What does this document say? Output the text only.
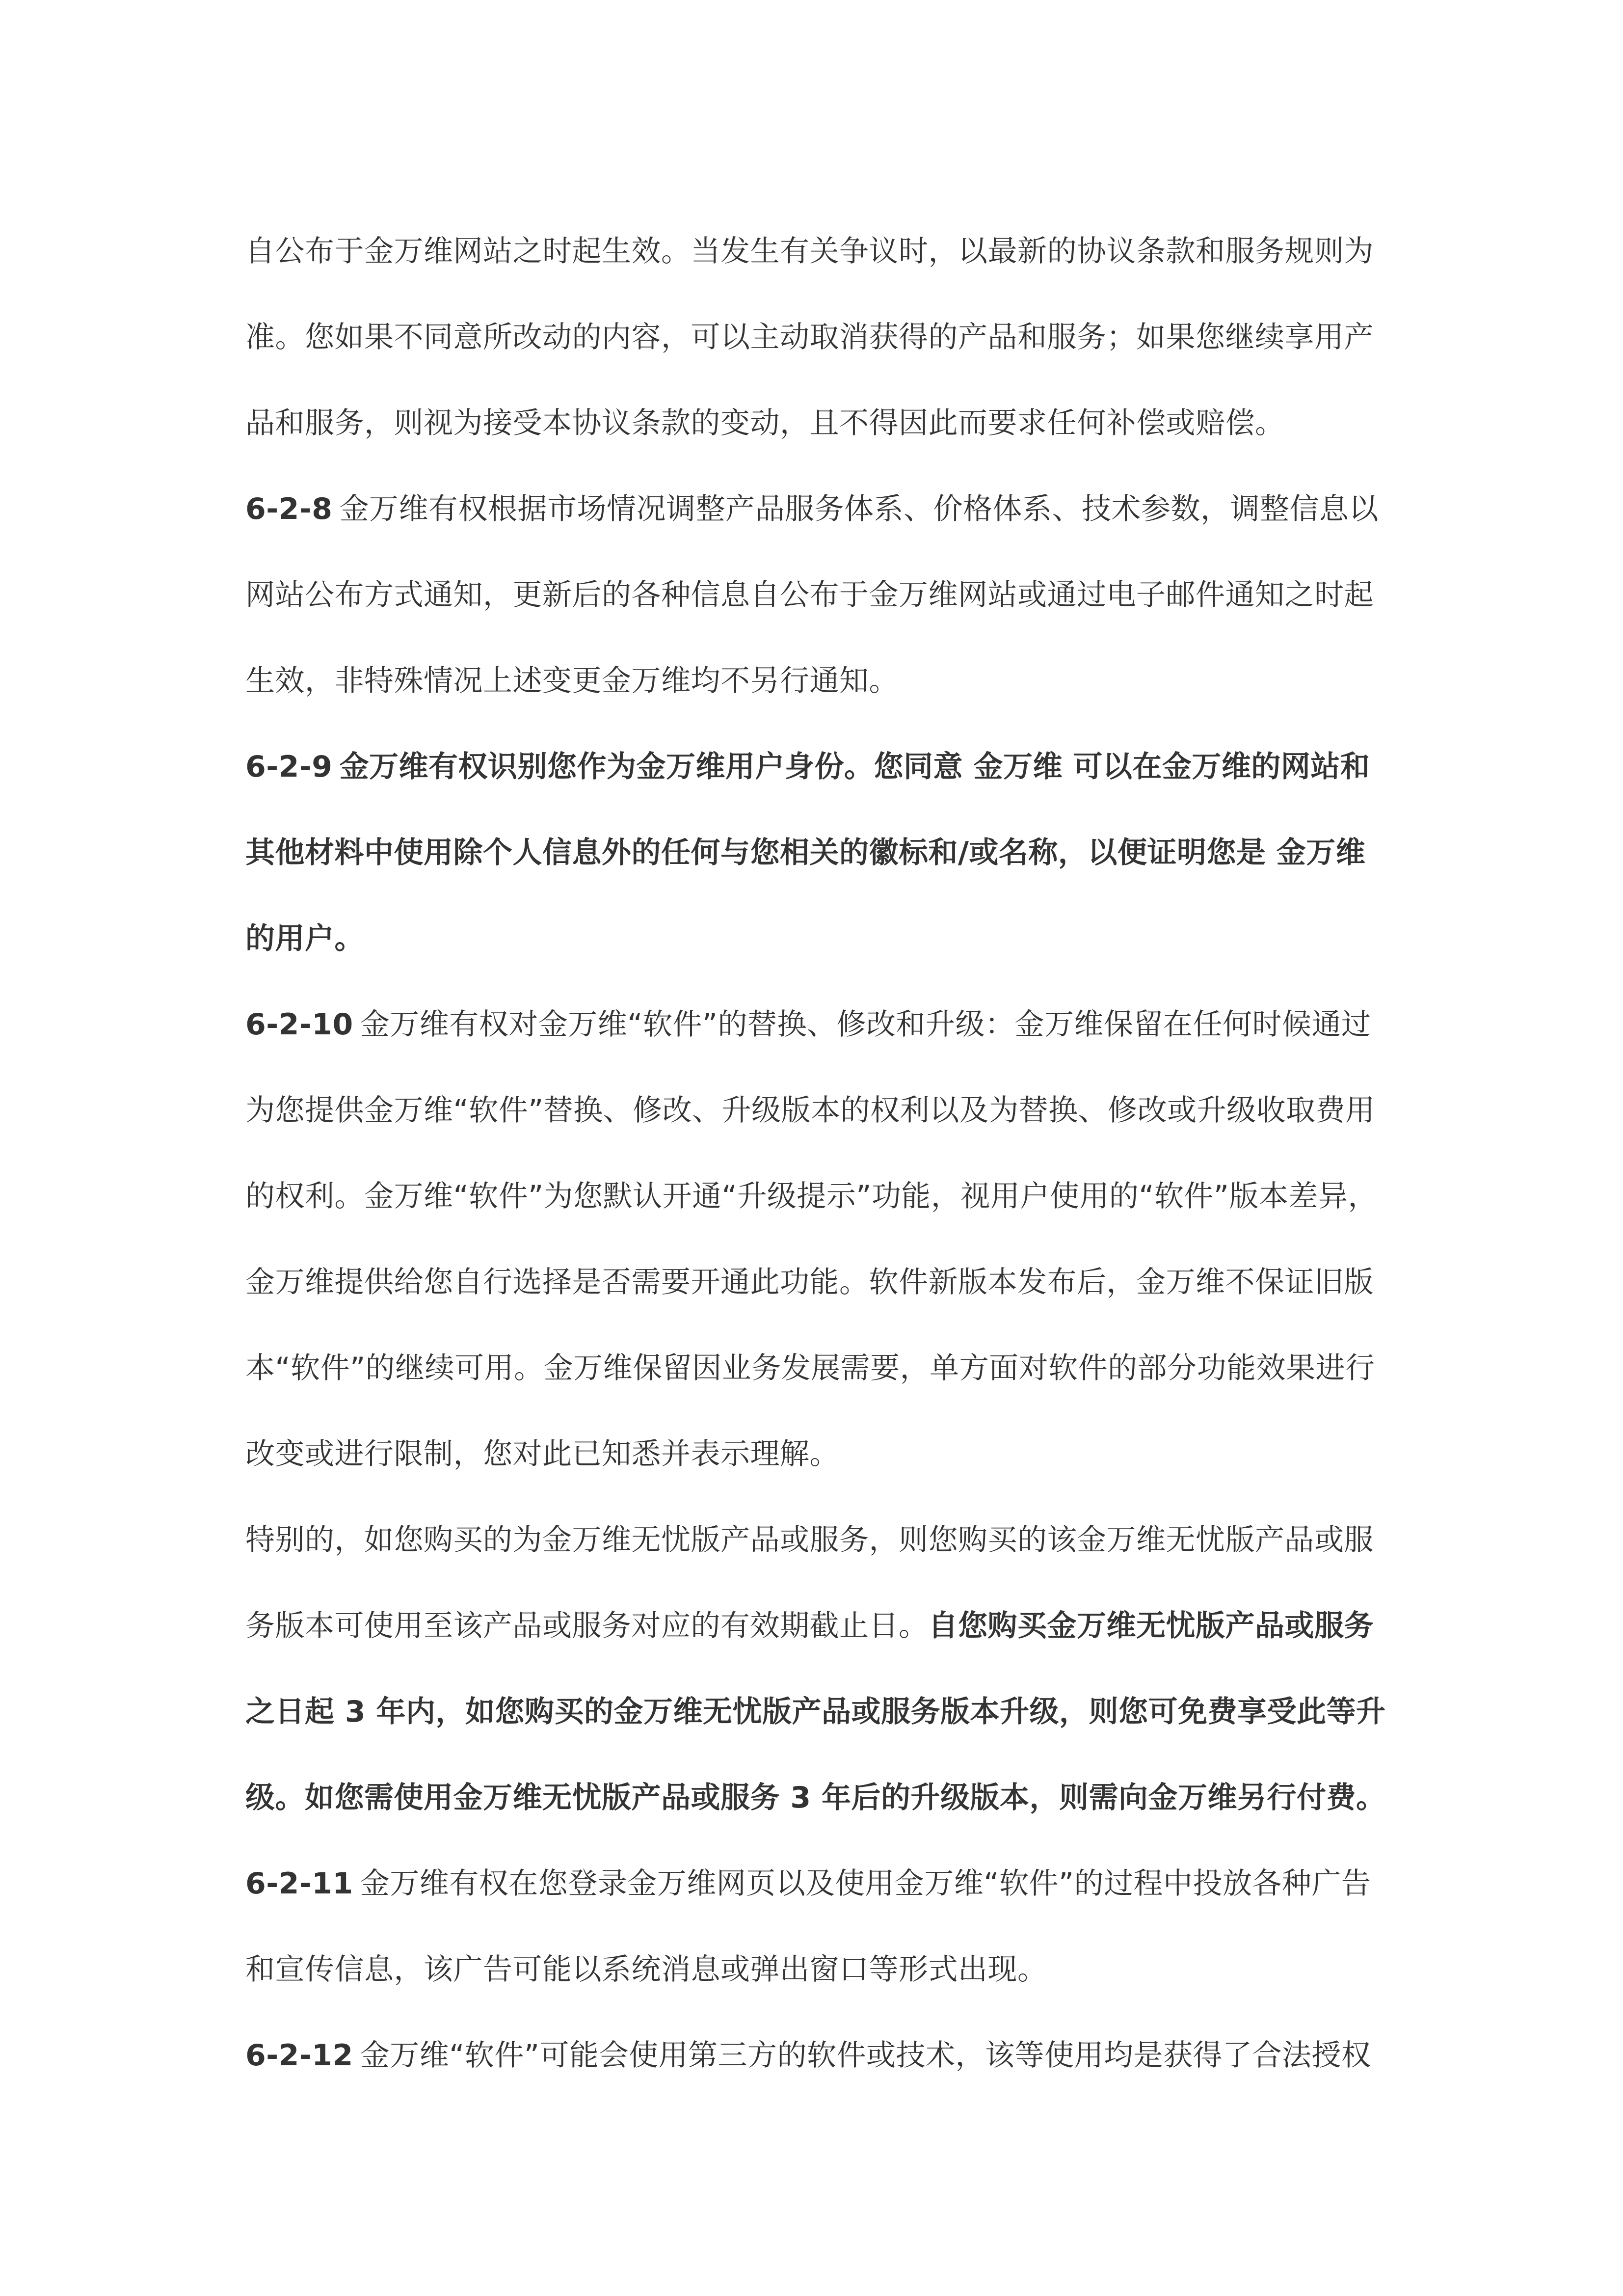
自公布于金万维网站之时起生效。当发生有关争议时，以最新的协议条款和服务规则为准。您如果不同意所改动的内容，可以主动取消获得的产品和服务；如果您继续享用产品和服务，则视为接受本协议条款的变动，且不得因此而要求任何补偿或赔偿。

6-2-8 金万维有权根据市场情况调整产品服务体系、价格体系、技术参数，调整信息以网站公布方式通知，更新后的各种信息自公布于金万维网站或通过电子邮件通知之时起生效，非特殊情况上述变更金万维均不另行通知。

6-2-9 金万维有权识别您作为金万维用户身份。您同意 金万维 可以在金万维的网站和其他材料中使用除个人信息外的任何与您相关的徽标和/或名称，以便证明您是 金万维的用户。

6-2-10 金万维有权对金万维“软件”的替换、修改和升级：金万维保留在任何时候通过为您提供金万维“软件”替换、修改、升级版本的权利以及为替换、修改或升级收取费用的权利。金万维“软件”为您默认开通“升级提示”功能，视用户使用的“软件”版本差异，金万维提供给您自行选择是否需要开通此功能。软件新版本发布后，金万维不保证旧版本“软件”的继续可用。金万维保留因业务发展需要，单方面对软件的部分功能效果进行改变或进行限制，您对此已知悉并表示理解。

特别的，如您购买的为金万维无忧版产品或服务，则您购买的该金万维无忧版产品或服务版本可使用至该产品或服务对应的有效期截止日。自您购买金万维无忧版产品或服务之日起 3 年内，如您购买的金万维无忧版产品或服务版本升级，则您可免费享受此等升级。如您需使用金万维无忧版产品或服务 3 年后的升级版本，则需向金万维另行付费。

6-2-11 金万维有权在您登录金万维网页以及使用金万维“软件”的过程中投放各种广告和宣传信息，该广告可能以系统消息或弹出窗口等形式出现。

6-2-12 金万维“软件”可能会使用第三方的软件或技术，该等使用均是获得了合法授权
